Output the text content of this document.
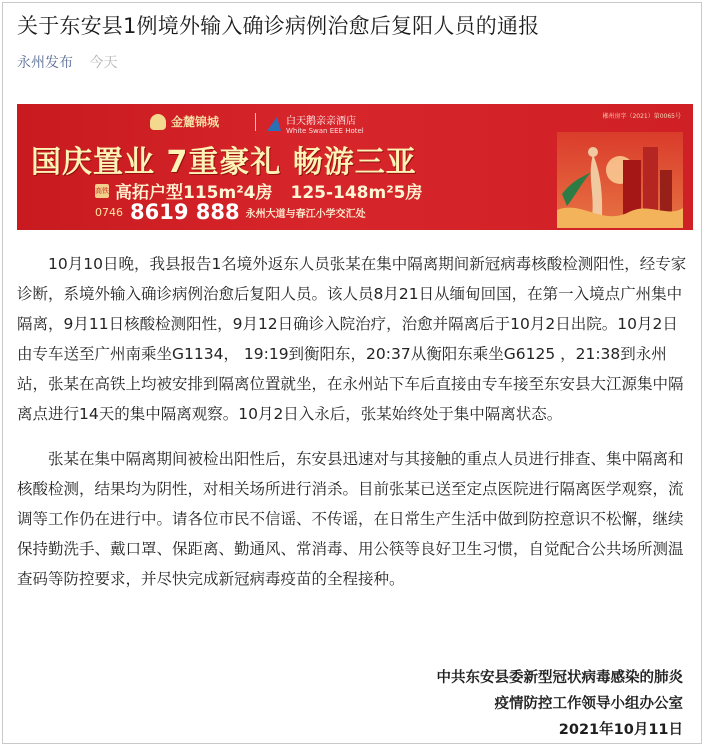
关于东安县1例境外输入确诊病例治愈后复阳人员的通报
永州发布 今天
金麓锦城	白天鹅亲亲酒店
White Swan EEE Hotel
郴州房字（2021）第0065号
国庆置业 7重豪礼 畅游三亚
高铁 高拓户型115m²4房 125-148m²5房
0746 8619 888 永州大道与春江小学交汇处

10月10日晚，我县报告1名境外返东人员张某在集中隔离期间新冠病毒核酸检测阳性，经专家诊断，系境外输入确诊病例治愈后复阳人员。该人员8月21日从缅甸回国，在第一入境点广州集中隔离，9月11日核酸检测阳性，9月12日确诊入院治疗，治愈并隔离后于10月2日出院。10月2日由专车送至广州南乘坐G1134， 19:19到衡阳东，20:37从衡阳东乘坐G6125 ，21:38到永州站，张某在高铁上均被安排到隔离位置就坐，在永州站下车后直接由专车接至东安县大江源集中隔离点进行14天的集中隔离观察。10月2日入永后，张某始终处于集中隔离状态。

张某在集中隔离期间被检出阳性后，东安县迅速对与其接触的重点人员进行排查、集中隔离和核酸检测，结果均为阴性，对相关场所进行消杀。目前张某已送至定点医院进行隔离医学观察，流调等工作仍在进行中。请各位市民不信谣、不传谣，在日常生产生活中做到防控意识不松懈，继续保持勤洗手、戴口罩、保距离、勤通风、常消毒、用公筷等良好卫生习惯，自觉配合公共场所测温查码等防控要求，并尽快完成新冠病毒疫苗的全程接种。

中共东安县委新型冠状病毒感染的肺炎
疫情防控工作领导小组办公室
2021年10月11日
